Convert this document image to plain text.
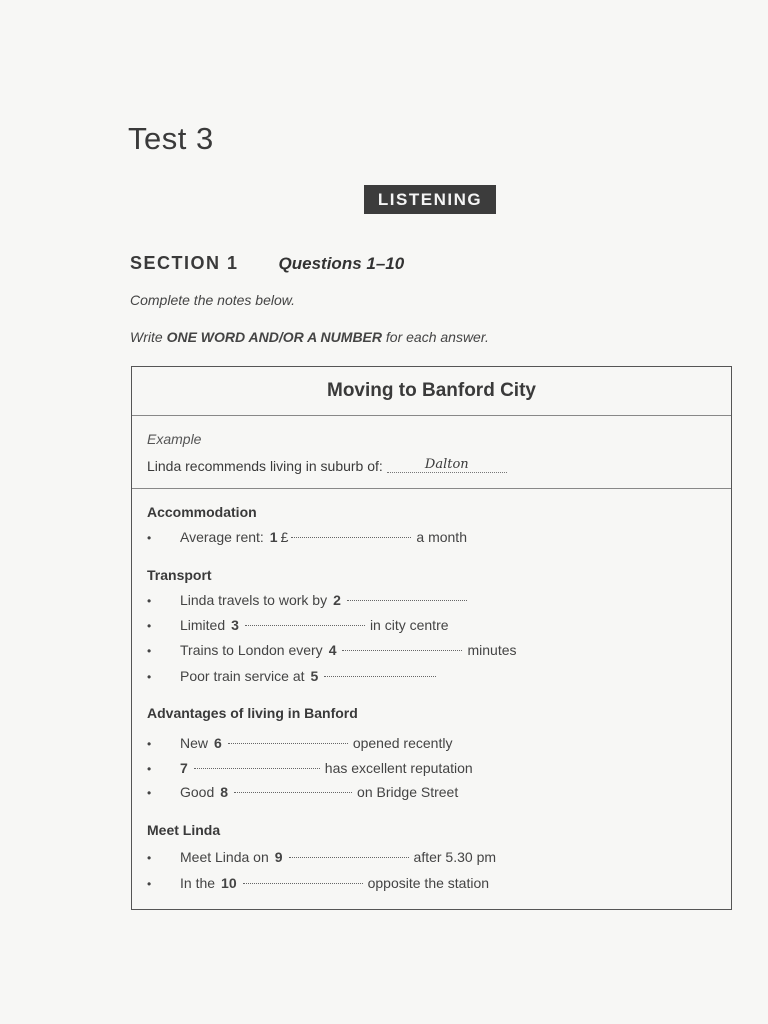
Test 3
LISTENING
SECTION 1 Questions 1–10
Complete the notes below.
Write ONE WORD AND/OR A NUMBER for each answer.
Moving to Banford City
Example
Linda recommends living in suburb of:	Dalton
Accommodation
•	Average rent: 1 £	a month
Transport
•	Linda travels to work by 2
•	Limited 3	in city centre
•	Trains to London every 4	minutes
•	Poor train service at 5
Advantages of living in Banford
•	New 6	opened recently
•	7	has excellent reputation
•	Good 8	on Bridge Street
Meet Linda
•	Meet Linda on 9	after 5.30 pm
•	In the 10	opposite the station
